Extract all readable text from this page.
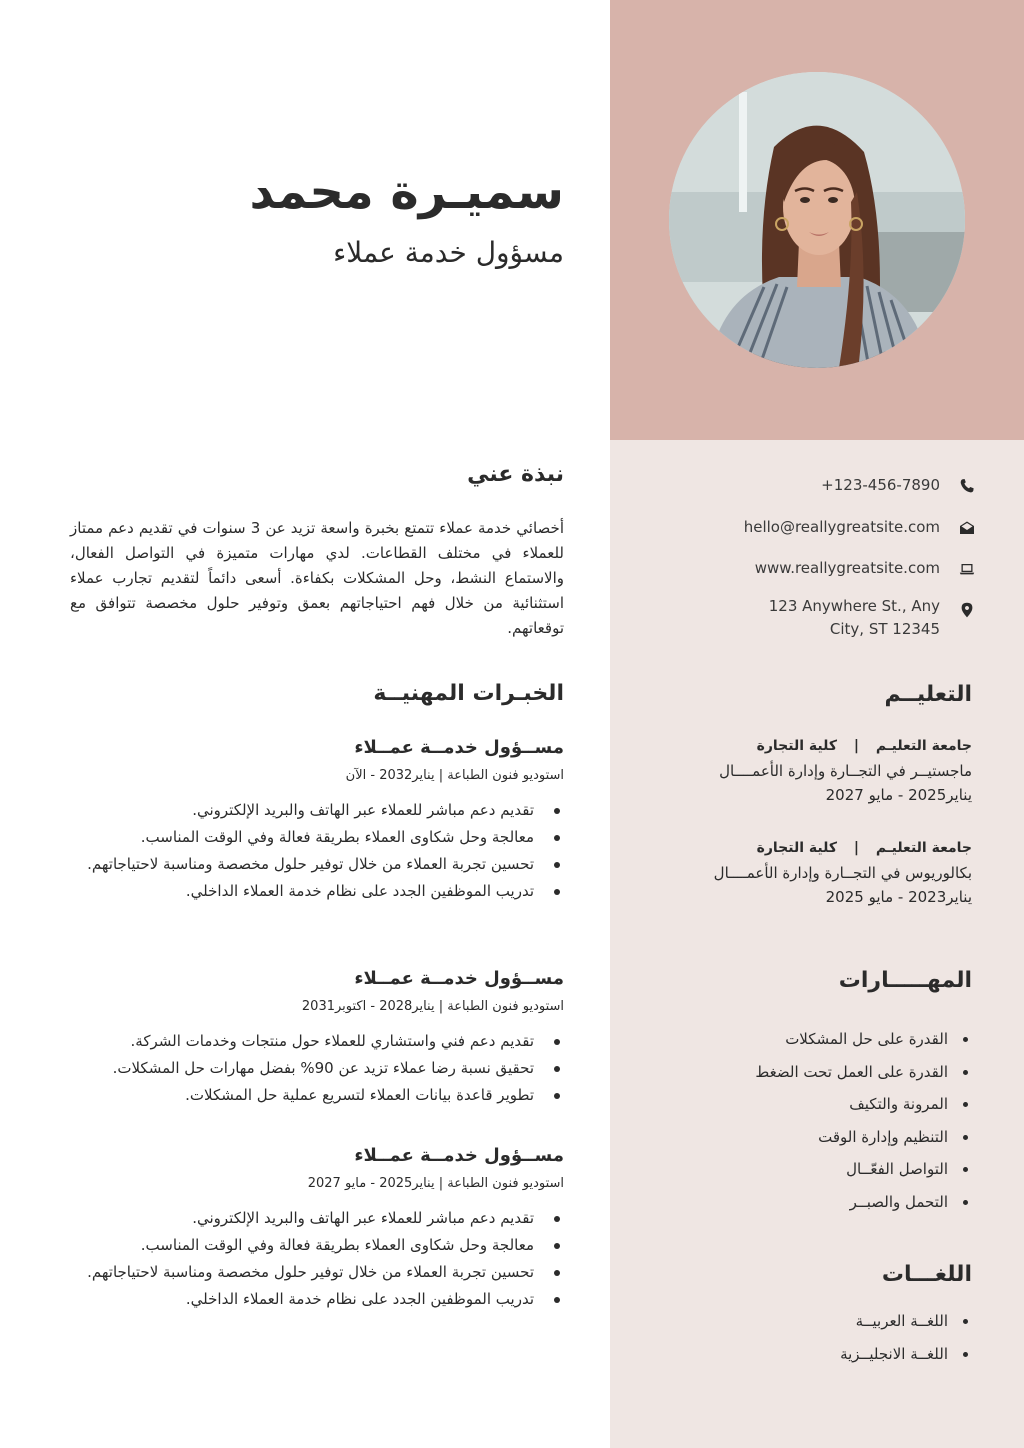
+123-456-7890
hello@reallygreatsite.com
www.reallygreatsite.com
123 Anywhere St., Any
City, ST 12345
التعليــم
جامعة التعليـم | كلية التجارة
ماجستيــر في التجــارة وإدارة الأعمــــال
يناير2025 - مايو 2027
جامعة التعليـم | كلية التجارة
بكالوريوس في التجــارة وإدارة الأعمــــال
يناير2023 - مايو 2025
المهـــــارات
القدرة على حل المشكلات
القدرة على العمل تحت الضغط
المرونة والتكيف
التنظيم وإدارة الوقت
التواصل الفعّــال
التحمل والصبــر
اللغـــات
اللغــة العربيــة
اللغــة الانجليــزية
سميـرة محمد
مسؤول خدمة عملاء
نبذة عني

أخصائي خدمة عملاء تتمتع بخبرة واسعة تزيد عن 3 سنوات في تقديم دعم ممتاز للعملاء في مختلف القطاعات. لدي مهارات متميزة في التواصل الفعال، والاستماع النشط، وحل المشكلات بكفاءة. أسعى دائماً لتقديم تجارب عملاء استثنائية من خلال فهم احتياجاتهم بعمق وتوفير حلول مخصصة تتوافق مع توقعاتهم.

الخبـرات المهنيــة
مســؤول خدمــة عمــلاء
استوديو فنون الطباعة | يناير2032 - الآن
تقديم دعم مباشر للعملاء عبر الهاتف والبريد الإلكتروني.
معالجة وحل شكاوى العملاء بطريقة فعالة وفي الوقت المناسب.
تحسين تجربة العملاء من خلال توفير حلول مخصصة ومناسبة لاحتياجاتهم.
تدريب الموظفين الجدد على نظام خدمة العملاء الداخلي.
مســؤول خدمــة عمــلاء
استوديو فنون الطباعة | يناير2028 - اكتوبر2031
تقديم دعم فني واستشاري للعملاء حول منتجات وخدمات الشركة.
تحقيق نسبة رضا عملاء تزيد عن 90% بفضل مهارات حل المشكلات.
تطوير قاعدة بيانات العملاء لتسريع عملية حل المشكلات.
مســؤول خدمــة عمــلاء
استوديو فنون الطباعة | يناير2025 - مايو 2027
تقديم دعم مباشر للعملاء عبر الهاتف والبريد الإلكتروني.
معالجة وحل شكاوى العملاء بطريقة فعالة وفي الوقت المناسب.
تحسين تجربة العملاء من خلال توفير حلول مخصصة ومناسبة لاحتياجاتهم.
تدريب الموظفين الجدد على نظام خدمة العملاء الداخلي.
